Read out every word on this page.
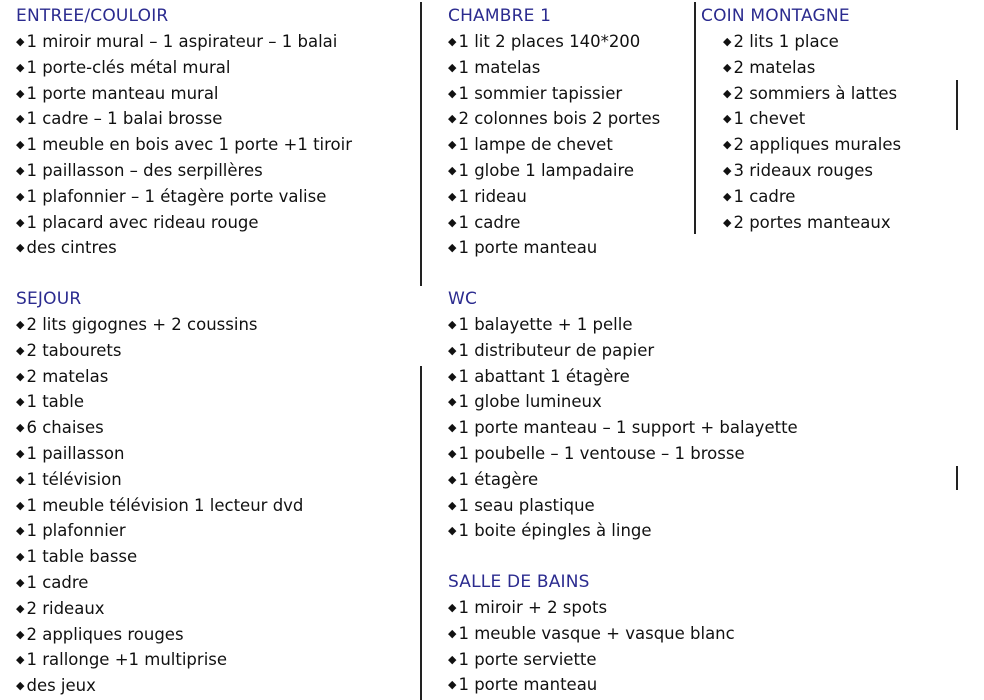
ENTREE/COULOIR
◆ 1 miroir mural – 1 aspirateur – 1 balai
◆ 1 porte-clés métal mural
◆ 1 porte manteau mural
◆ 1 cadre – 1 balai brosse
◆ 1 meuble en bois avec 1 porte +1 tiroir
◆ 1 paillasson – des serpillères
◆ 1 plafonnier – 1 étagère porte valise
◆ 1 placard avec rideau rouge
◆ des cintres
CHAMBRE 1
◆ 1 lit 2 places 140*200
◆ 1 matelas
◆ 1 sommier tapissier
◆ 2 colonnes bois 2 portes
◆ 1 lampe de chevet
◆ 1 globe 1 lampadaire
◆ 1 rideau
◆ 1 cadre
◆ 1 porte manteau
COIN MONTAGNE
◆ 2 lits 1 place
◆ 2 matelas
◆ 2 sommiers à lattes
◆ 1 chevet
◆ 2 appliques murales
◆ 3 rideaux rouges
◆ 1 cadre
◆ 2 portes manteaux
SEJOUR
◆ 2 lits gigognes + 2 coussins
◆ 2 tabourets
◆ 2 matelas
◆ 1 table
◆ 6 chaises
◆ 1 paillasson
◆ 1 télévision
◆ 1 meuble télévision 1 lecteur dvd
◆ 1 plafonnier
◆ 1 table basse
◆ 1 cadre
◆ 2 rideaux
◆ 2 appliques rouges
◆ 1 rallonge +1 multiprise
◆ des jeux
WC
◆ 1 balayette + 1 pelle
◆ 1 distributeur de papier
◆ 1 abattant 1 étagère
◆ 1 globe lumineux
◆ 1 porte manteau – 1 support + balayette
◆ 1 poubelle – 1 ventouse – 1 brosse
◆ 1 étagère
◆ 1 seau plastique
◆ 1 boite épingles à linge
SALLE DE BAINS
◆ 1 miroir + 2 spots
◆ 1 meuble vasque + vasque blanc
◆ 1 porte serviette
◆ 1 porte manteau
